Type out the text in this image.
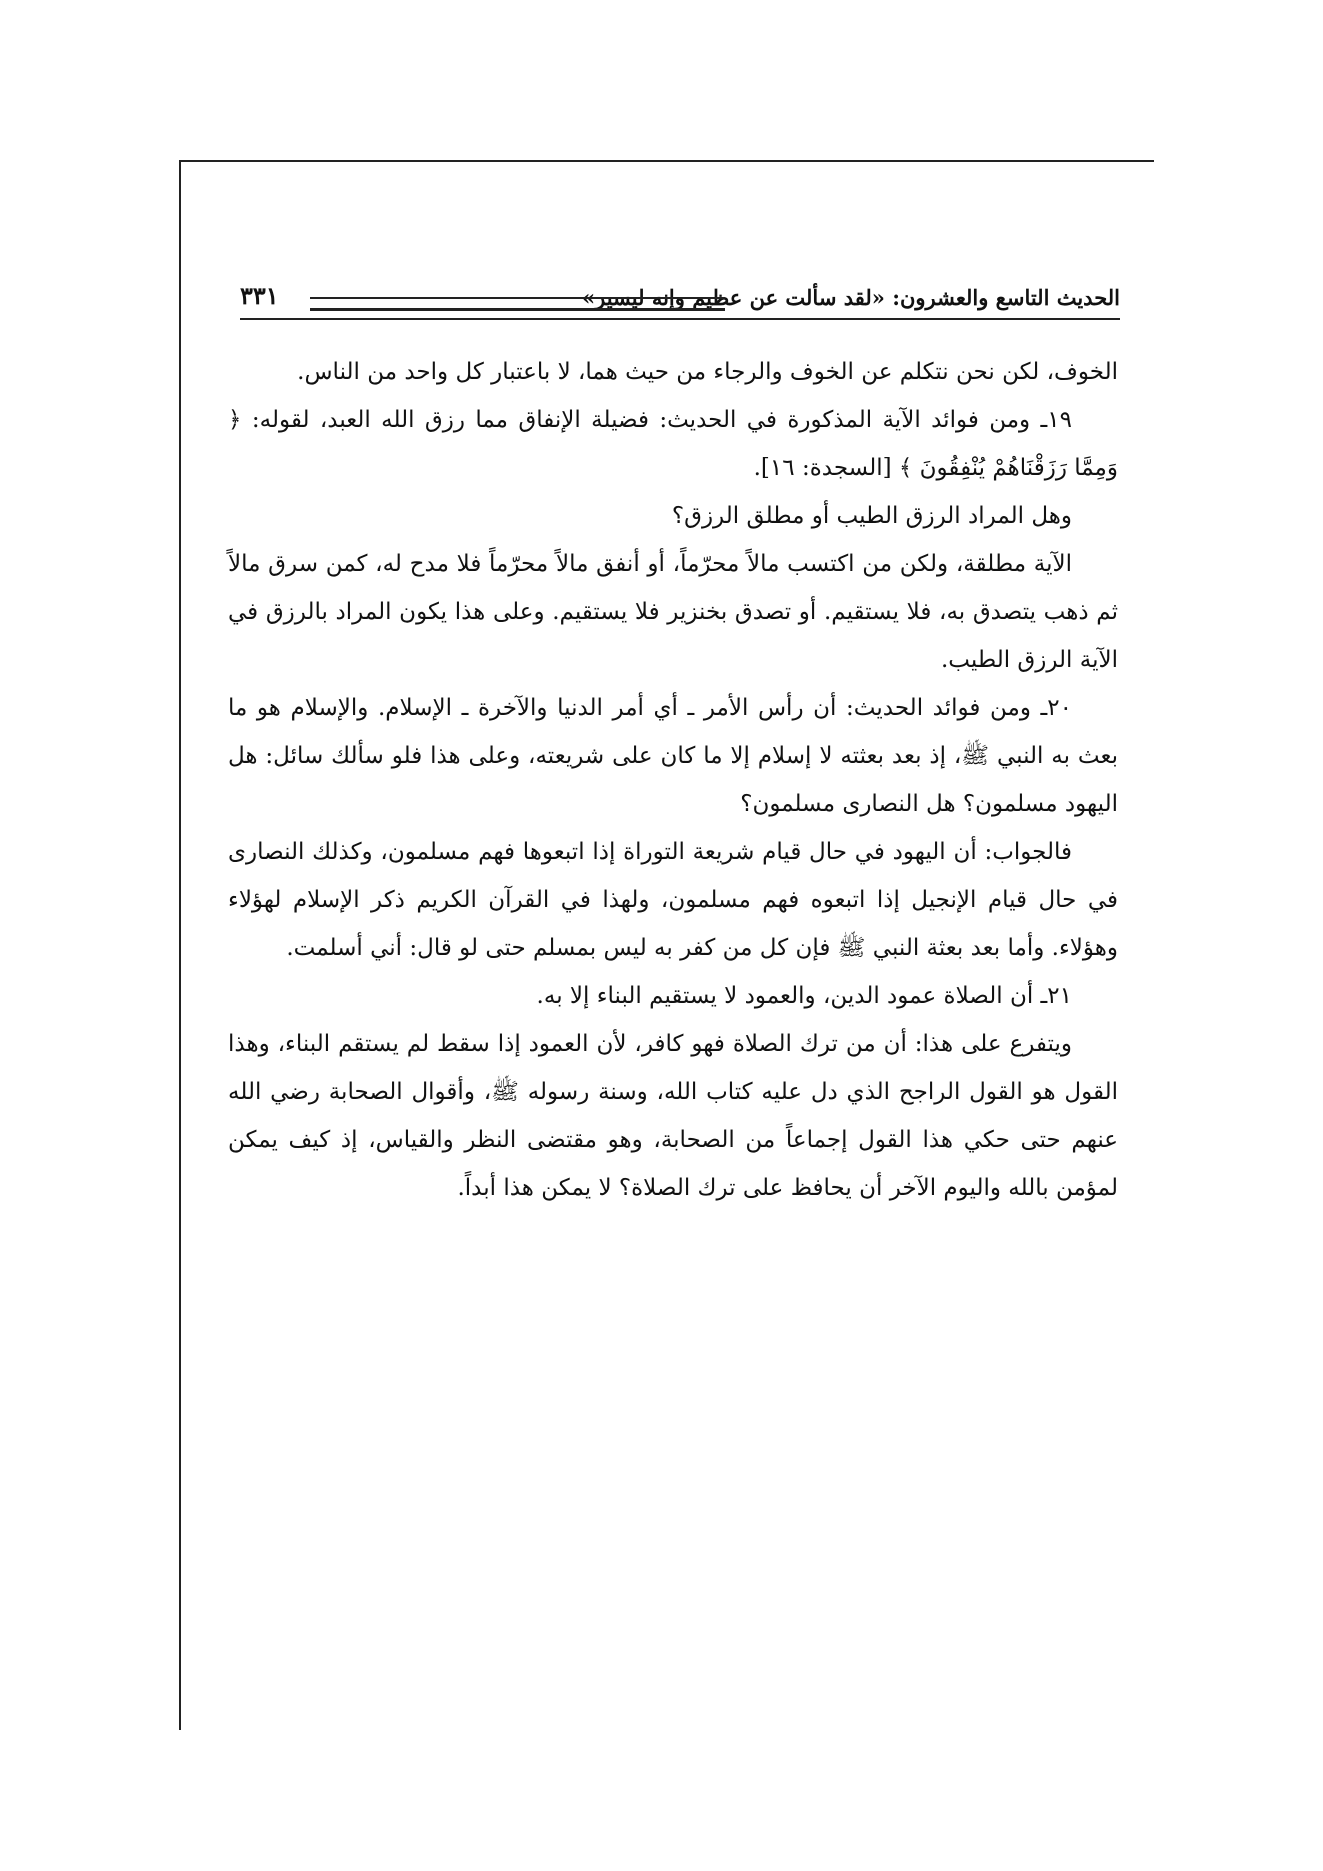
الحديث التاسع والعشرون: «لقد سألت عن عظيم وإنه ليسير»
٣٣١

الخوف، لكن نحن نتكلم عن الخوف والرجاء من حيث هما، لا باعتبار كل واحد من الناس.

١٩ـ ومن فوائد الآية المذكورة في الحديث: فضيلة الإنفاق مما رزق الله العبد، لقوله: ﴿ وَمِمَّا رَزَقْنَاهُمْ يُنْفِقُونَ ﴾ [السجدة: ١٦].

وهل المراد الرزق الطيب أو مطلق الرزق؟

الآية مطلقة، ولكن من اكتسب مالاً محرّماً، أو أنفق مالاً محرّماً فلا مدح له، كمن سرق مالاً ثم ذهب يتصدق به، فلا يستقيم. أو تصدق بخنزير فلا يستقيم. وعلى هذا يكون المراد بالرزق في الآية الرزق الطيب.

٢٠ـ ومن فوائد الحديث: أن رأس الأمر ـ أي أمر الدنيا والآخرة ـ الإسلام. والإسلام هو ما بعث به النبي ﷺ، إذ بعد بعثته لا إسلام إلا ما كان على شريعته، وعلى هذا فلو سألك سائل: هل اليهود مسلمون؟ هل النصارى مسلمون؟

فالجواب: أن اليهود في حال قيام شريعة التوراة إذا اتبعوها فهم مسلمون، وكذلك النصارى في حال قيام الإنجيل إذا اتبعوه فهم مسلمون، ولهذا في القرآن الكريم ذكر الإسلام لهؤلاء وهؤلاء. وأما بعد بعثة النبي ﷺ فإن كل من كفر به ليس بمسلم حتى لو قال: أني أسلمت.

٢١ـ أن الصلاة عمود الدين، والعمود لا يستقيم البناء إلا به.

ويتفرع على هذا: أن من ترك الصلاة فهو كافر، لأن العمود إذا سقط لم يستقم البناء، وهذا القول هو القول الراجح الذي دل عليه كتاب الله، وسنة رسوله ﷺ، وأقوال الصحابة رضي الله عنهم حتى حكي هذا القول إجماعاً من الصحابة، وهو مقتضى النظر والقياس، إذ كيف يمكن لمؤمن بالله واليوم الآخر أن يحافظ على ترك الصلاة؟ لا يمكن هذا أبداً.
